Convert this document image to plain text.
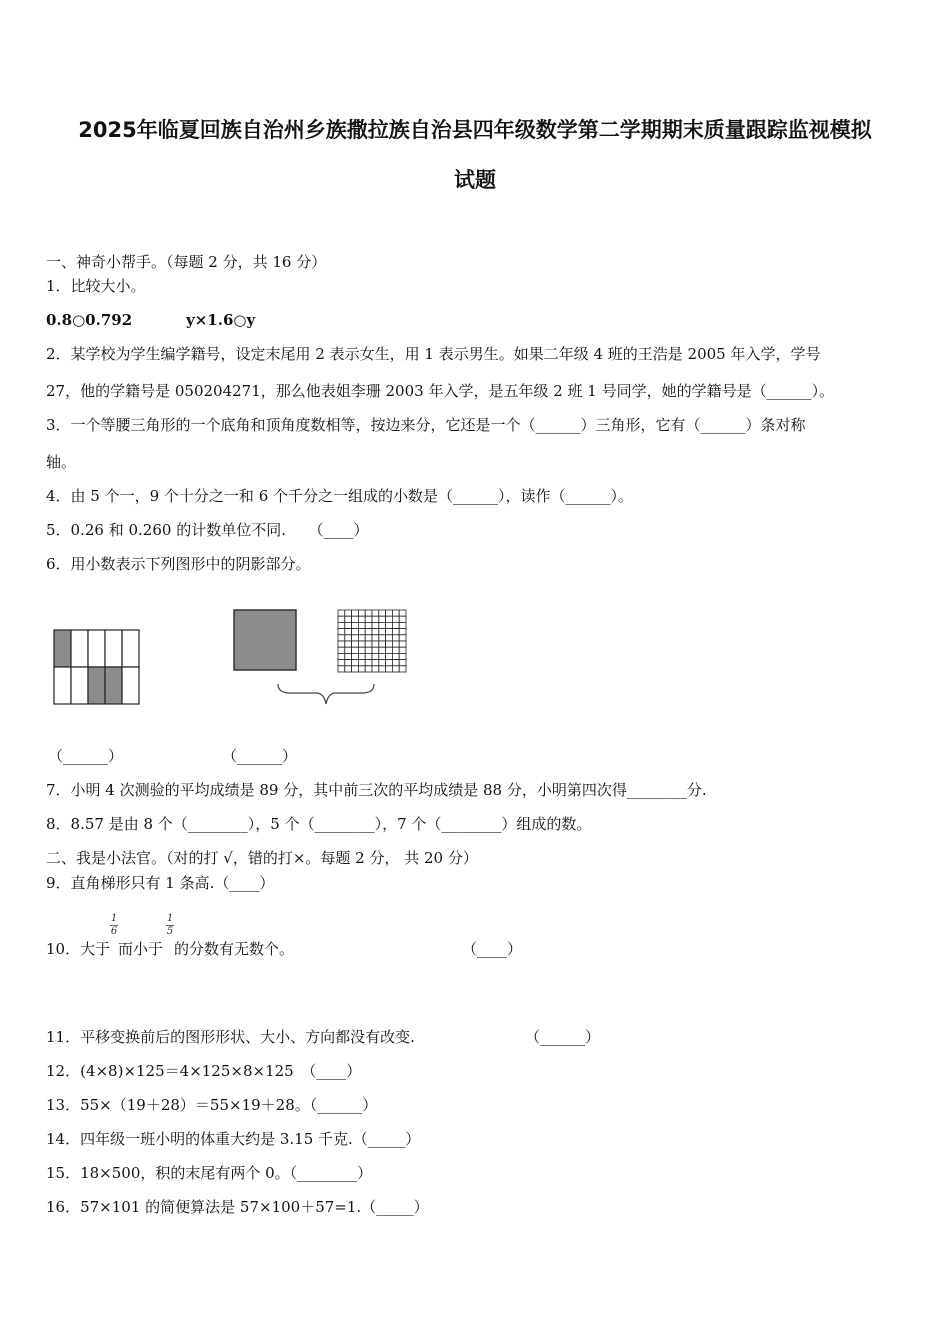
2025年临夏回族自治州乡族撒拉族自治县四年级数学第二学期期末质量跟踪监视模拟
试题
一、神奇小帮手。（每题 2 分，共 16 分）
1．比较大小。
0.8○0.792	y×1.6○y
2．某学校为学生编学籍号，设定末尾用 2 表示女生，用 1 表示男生。如果二年级 4 班的王浩是 2005 年入学，学号
27，他的学籍号是 050204271，那么他表姐李珊 2003 年入学，是五年级 2 班 1 号同学，她的学籍号是（______）。
3．一个等腰三角形的一个底角和顶角度数相等，按边来分，它还是一个（______）三角形，它有（______）条对称
轴。
4．由 5 个一，9 个十分之一和 6 个千分之一组成的小数是（______），读作（______）。
5．0.26 和 0.260 的计数单位不同.　　（____）
6．用小数表示下列图形中的阴影部分。
（______）	（______）
7．小明 4 次测验的平均成绩是 89 分，其中前三次的平均成绩是 88 分，小明第四次得________分.
8．8.57 是由 8 个（________），5 个（________），7 个（________）组成的数。
二、我是小法官。（对的打 √，错的打×。每题 2 分， 共 20 分）
9．直角梯形只有 1 条高.（____）
10．大于
1
6
而小于
1
5
的分数有无数个。	（____）
11．平移变换前后的图形形状、大小、方向都没有改变.	（______）
12．(4×8)×125＝4×125×8×125　（____）
13．55×（19＋28）＝55×19＋28。（______）
14．四年级一班小明的体重大约是 3.15 千克.（_____）
15．18×500，积的末尾有两个 0。（________）
16．57×101 的简便算法是 57×100＋57=1.（_____）
